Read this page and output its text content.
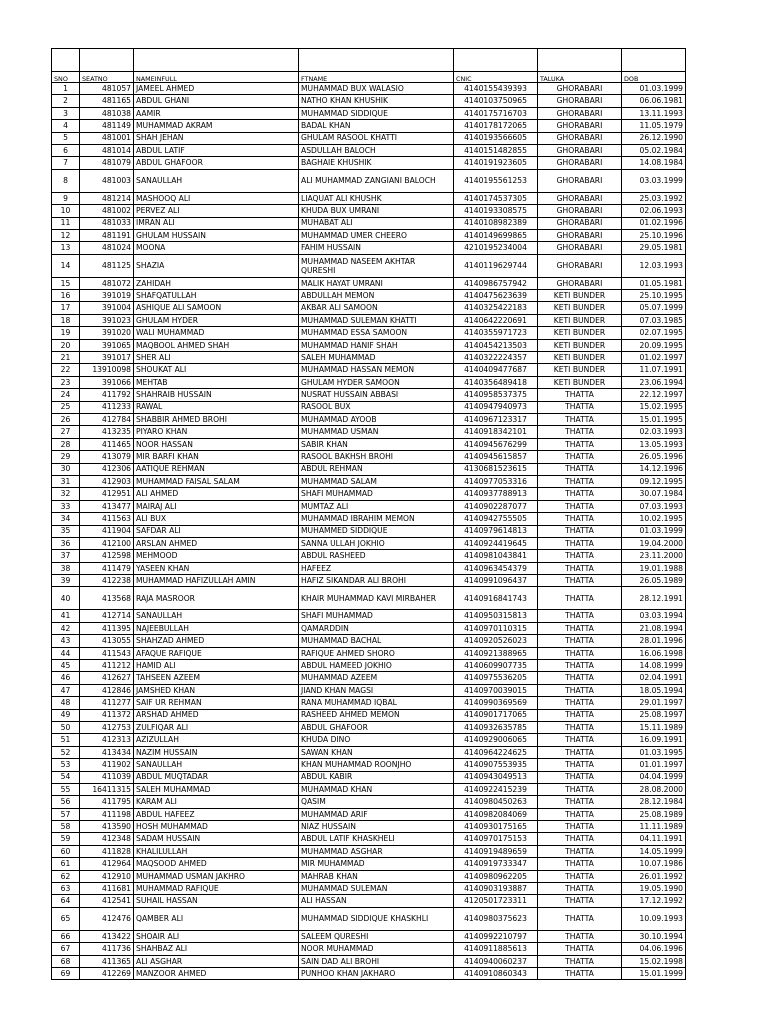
SNO	SEATNO	NAMEINFULL	FTNAME	CNIC	TALUKA	DOB
1	481057	JAMEEL AHMED	MUHAMMAD BUX WALASIO	4140155439393	GHORABARI	01.03.1999
2	481165	ABDUL GHANI	NATHO KHAN KHUSHIK	4140103750965	GHORABARI	06.06.1981
3	481038	AAMIR	MUHAMMAD SIDDIQUE	4140175716703	GHORABARI	13.11.1993
4	481149	MUHAMMAD AKRAM	BADAL KHAN	4140178172065	GHORABARI	11.05.1979
5	481001	SHAH JEHAN	GHULAM RASOOL KHATTI	4140193566605	GHORABARI	26.12.1990
6	481014	ABDUL LATIF	ASDULLAH BALOCH	4140151482855	GHORABARI	05.02.1984
7	481079	ABDUL GHAFOOR	BAGHAIE KHUSHIK	4140191923605	GHORABARI	14.08.1984
8	481003	SANAULLAH	ALI MUHAMMAD ZANGIANI BALOCH	4140195561253	GHORABARI	03.03.1999
9	481214	MASHOOQ ALI	LIAQUAT ALI KHUSHK	4140174537305	GHORABARI	25.03.1992
10	481002	PERVEZ ALI	KHUDA BUX UMRANI	4140193308575	GHORABARI	02.06.1993
11	481033	IMRAN ALI	MUHABAT ALI	4140108982389	GHORABARI	01.02.1996
12	481191	GHULAM HUSSAIN	MUHAMMAD UMER CHEERO	4140149699865	GHORABARI	25.10.1996
13	481024	MOONA	FAHIM HUSSAIN	4210195234004	GHORABARI	29.05.1981
14	481125	SHAZIA	MUHAMMAD NASEEM AKHTAR QURESHI	4140119629744	GHORABARI	12.03.1993
15	481072	ZAHIDAH	MALIK HAYAT UMRANI	4140986757942	GHORABARI	01.05.1981
16	391019	SHAFQATULLAH	ABDULLAH MEMON	4140475623639	KETI BUNDER	25.10.1995
17	391004	ASHIQUE ALI SAMOON	AKBAR ALI SAMOON	4140325422183	KETI BUNDER	05.07.1999
18	391023	GHULAM HYDER	MUHAMMAD SULEMAN KHATTI	4140642220691	KETI BUNDER	07.03.1985
19	391020	WALI MUHAMMAD	MUHAMMAD ESSA SAMOON	4140355971723	KETI BUNDER	02.07.1995
20	391065	MAQBOOL AHMED SHAH	MUHAMMAD HANIF SHAH	4140454213503	KETI BUNDER	20.09.1995
21	391017	SHER ALI	SALEH MUHAMMAD	4140322224357	KETI BUNDER	01.02.1997
22	13910098	SHOUKAT ALI	MUHAMMAD HASSAN MEMON	4140409477687	KETI BUNDER	11.07.1991
23	391066	MEHTAB	GHULAM HYDER SAMOON	4140356489418	KETI BUNDER	23.06.1994
24	411792	SHAHRAIB HUSSAIN	NUSRAT HUSSAIN ABBASI	4140958537375	THATTA	22.12.1997
25	411233	RAWAL	RASOOL BUX	4140947940973	THATTA	15.02.1995
26	412784	SHABBIR AHMED BROHI	MUHAMMAD AYOOB	4140967123317	THATTA	15.01.1995
27	413235	PIYARO KHAN	MUHAMMAD USMAN	4140918342101	THATTA	02.03.1993
28	411465	NOOR HASSAN	SABIR KHAN	4140945676299	THATTA	13.05.1993
29	413079	MIR BARFI KHAN	RASOOL BAKHSH BROHI	4140945615857	THATTA	26.05.1996
30	412306	AATIQUE REHMAN	ABDUL REHMAN	4130681523615	THATTA	14.12.1996
31	412903	MUHAMMAD FAISAL SALAM	MUHAMMAD SALAM	4140977053316	THATTA	09.12.1995
32	412951	ALI AHMED	SHAFI MUHAMMAD	4140937788913	THATTA	30.07.1984
33	413477	MAIRAJ ALI	MUMTAZ ALI	4140902287077	THATTA	07.03.1993
34	411563	ALI BUX	MUHAMMAD IBRAHIM MEMON	4140942755505	THATTA	10.02.1995
35	411904	SAFDAR ALI	MUHAMMED SIDDIQUE	4140979614813	THATTA	01.03.1999
36	412100	ARSLAN AHMED	SANNA ULLAH JOKHIO	4140924419645	THATTA	19.04.2000
37	412598	MEHMOOD	ABDUL RASHEED	4140981043841	THATTA	23.11.2000
38	411479	YASEEN KHAN	HAFEEZ	4140963454379	THATTA	19.01.1988
39	412238	MUHAMMAD HAFIZULLAH AMIN	HAFIZ SIKANDAR ALI BROHI	4140991096437	THATTA	26.05.1989
40	413568	RAJA MASROOR	KHAIR MUHAMMAD KAVI MIRBAHER	4140916841743	THATTA	28.12.1991
41	412714	SANAULLAH	SHAFI MUHAMMAD	4140950315813	THATTA	03.03.1994
42	411395	NAJEEBULLAH	QAMARDDIN	4140970110315	THATTA	21.08.1994
43	413055	SHAHZAD AHMED	MUHAMMAD BACHAL	4140920526023	THATTA	28.01.1996
44	411543	AFAQUE RAFIQUE	RAFIQUE AHMED SHORO	4140921388965	THATTA	16.06.1998
45	411212	HAMID ALI	ABDUL HAMEED JOKHIO	4140609907735	THATTA	14.08.1999
46	412627	TAHSEEN AZEEM	MUHAMMAD AZEEM	4140975536205	THATTA	02.04.1991
47	412846	JAMSHED KHAN	JIAND KHAN MAGSI	4140970039015	THATTA	18.05.1994
48	411277	SAIF UR REHMAN	RANA MUHAMMAD IQBAL	4140990369569	THATTA	29.01.1997
49	411372	ARSHAD AHMED	RASHEED AHMED MEMON	4140901717065	THATTA	25.08.1997
50	412753	ZULFIQAR ALI	ABDUL GHAFOOR	4140932635785	THATTA	15.11.1989
51	412313	AZIZULLAH	KHUDA DINO	4140929006065	THATTA	16.09.1991
52	413434	NAZIM HUSSAIN	SAWAN KHAN	4140964224625	THATTA	01.03.1995
53	411902	SANAULLAH	KHAN MUHAMMAD ROONJHO	4140907553935	THATTA	01.01.1997
54	411039	ABDUL MUQTADAR	ABDUL KABIR	4140943049513	THATTA	04.04.1999
55	16411315	SALEH MUHAMMAD	MUHAMMAD KHAN	4140922415239	THATTA	28.08.2000
56	411795	KARAM ALI	QASIM	4140980450263	THATTA	28.12.1984
57	411198	ABDUL HAFEEZ	MUHAMMAD ARIF	4140982084069	THATTA	25.08.1989
58	413590	HOSH MUHAMMAD	NIAZ HUSSAIN	4140930175165	THATTA	11.11.1989
59	412348	SADAM HUSSAIN	ABDUL LATIF KHASKHELI	4140970175153	THATTA	04.11.1991
60	411828	KHALILULLAH	MUHAMMAD ASGHAR	4140919489659	THATTA	14.05.1999
61	412964	MAQSOOD AHMED	MIR MUHAMMAD	4140919733347	THATTA	10.07.1986
62	412910	MUHAMMAD USMAN JAKHRO	MAHRAB KHAN	4140980962205	THATTA	26.01.1992
63	411681	MUHAMMAD RAFIQUE	MUHAMMAD SULEMAN	4140903193887	THATTA	19.05.1990
64	412541	SUHAIL HASSAN	ALI HASSAN	4120501723311	THATTA	17.12.1992
65	412476	QAMBER ALI	MUHAMMAD SIDDIQUE KHASKHLI	4140980375623	THATTA	10.09.1993
66	413422	SHOAIR ALI	SALEEM QURESHI	4140992210797	THATTA	30.10.1994
67	411736	SHAHBAZ ALI	NOOR MUHAMMAD	4140911885613	THATTA	04.06.1996
68	411365	ALI ASGHAR	SAIN DAD ALI BROHI	4140940060237	THATTA	15.02.1998
69	412269	MANZOOR AHMED	PUNHOO KHAN JAKHARO	4140910860343	THATTA	15.01.1999
